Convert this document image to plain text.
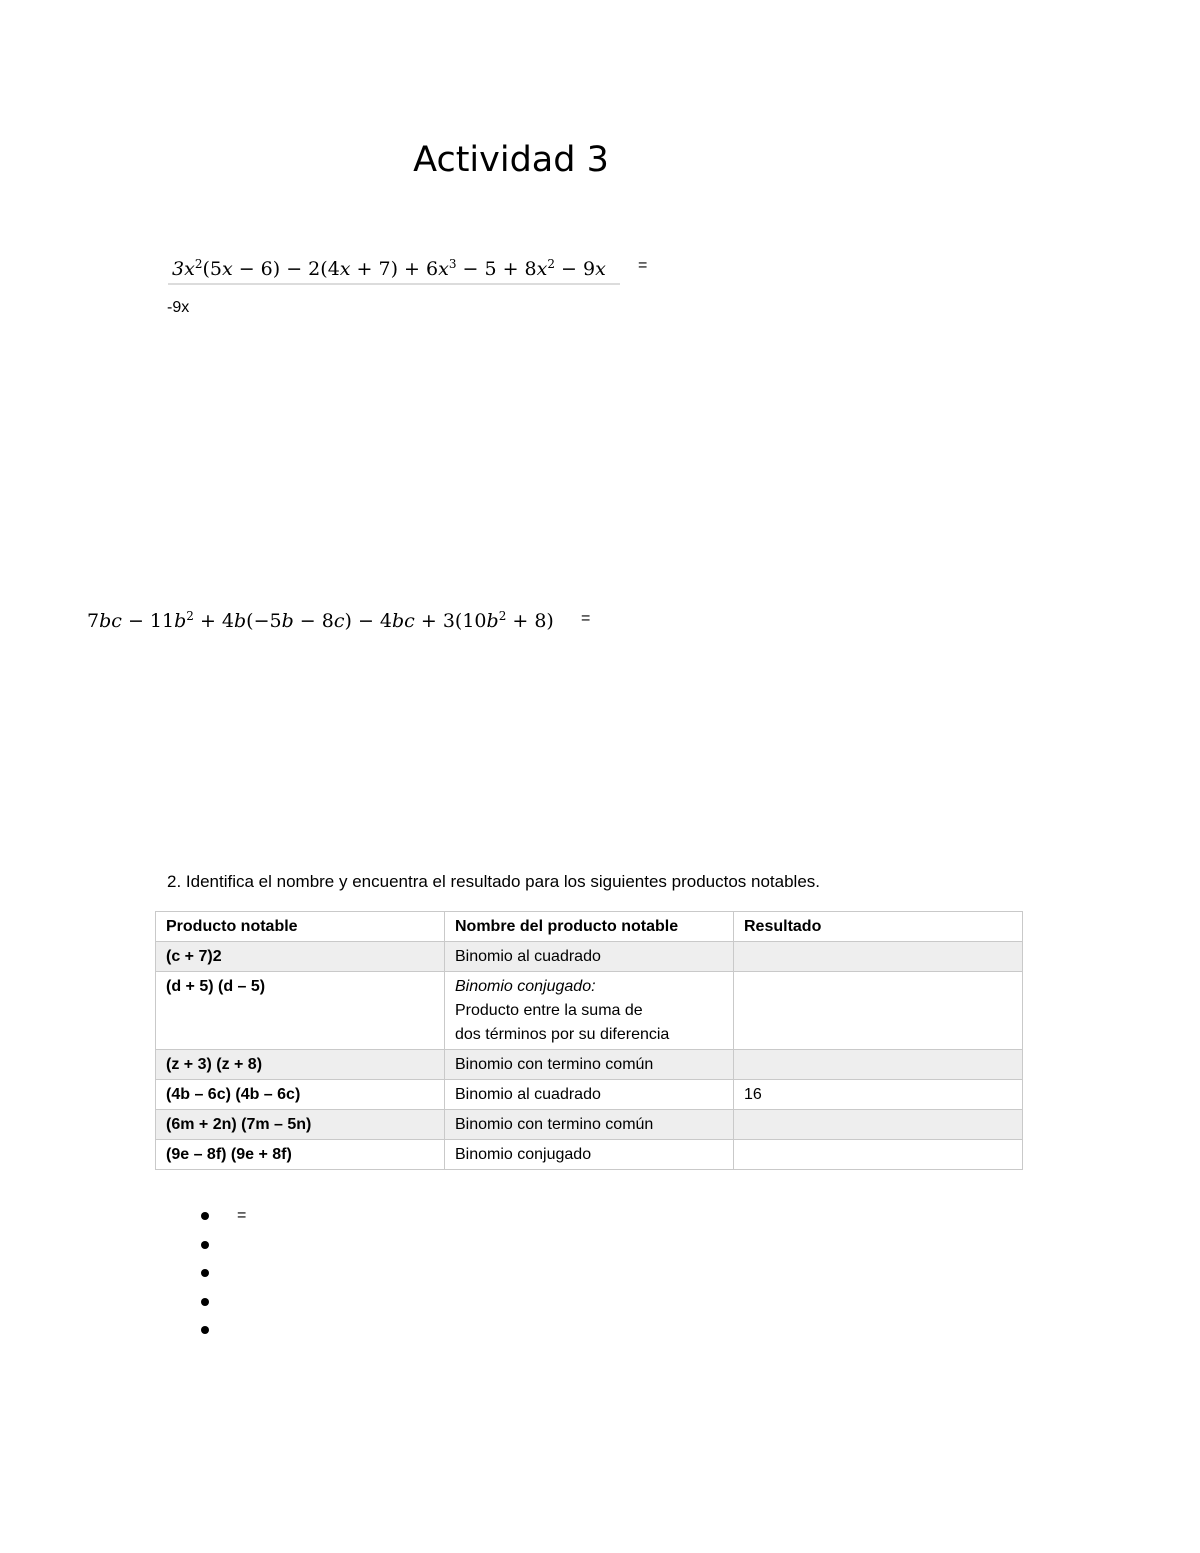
Actividad 3
$3x^2(5x - 6) - 2(4x + 7) + 6x^3 - 5 + 8x^2 - 9x$ =
-9x
$7bc - 11b^2 + 4b(-5b - 8c) - 4bc + 3(10b^2 + 8)$ =
2. Identifica el nombre y encuentra el resultado para los siguientes productos notables.
Producto notable	Nombre del producto notable	Resultado
(c + 7)2	Binomio al cuadrado	
(d + 5) (d – 5)	Binomio conjugado:
Producto entre la suma de
dos términos por su diferencia	

(z + 3) (z + 8)	Binomio con termino común	
(4b – 6c) (4b – 6c)	Binomio al cuadrado	16
(6m + 2n) (7m – 5n)	Binomio con termino común	
(9e – 8f) (9e + 8f)	Binomio conjugado	
=
